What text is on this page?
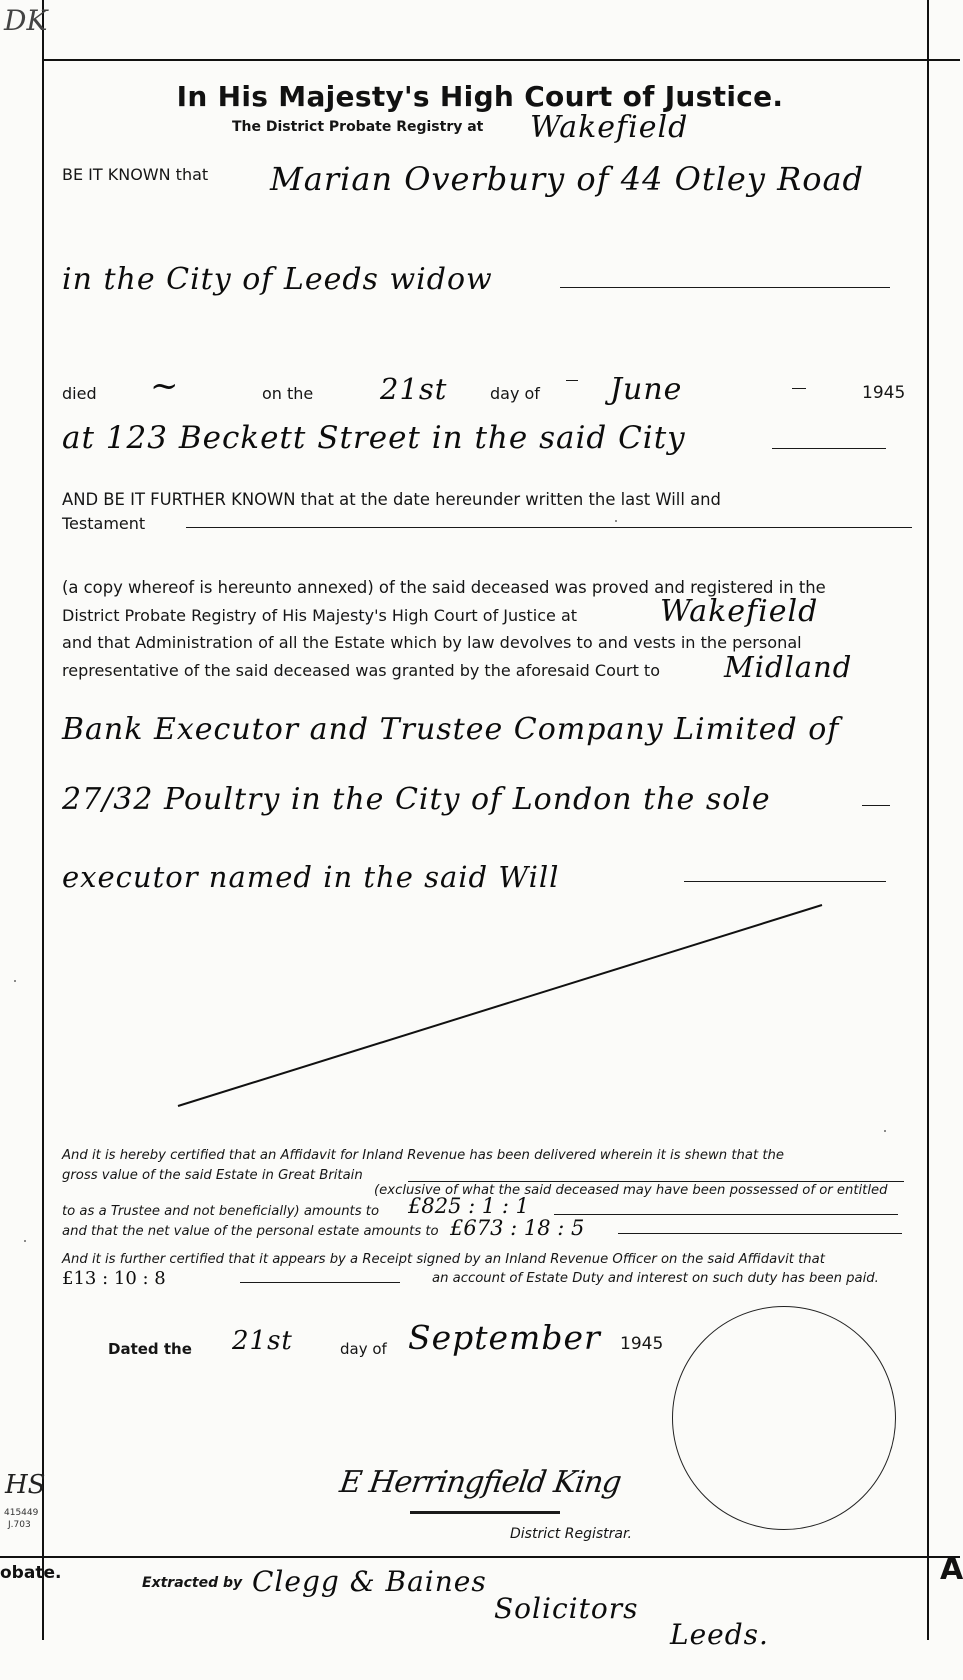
DK
HS
415449
J.703
obate.	A
In His Majesty's High Court of Justice.
The District Probate Registry at Wakefield
BE IT KNOWN that Marian Overbury of 44 Otley Road
in the City of Leeds widow
died ~	on the 21st	day of June	1945
at 123 Beckett Street in the said City
AND BE IT FURTHER KNOWN that at the date hereunder written the last Will and
Testament
(a copy whereof is hereunto annexed) of the said deceased was proved and registered in the
District Probate Registry of His Majesty's High Court of Justice at	Wakefield
and that Administration of all the Estate which by law devolves to and vests in the personal
representative of the said deceased was granted by the aforesaid Court to Midland
Bank Executor and Trustee Company Limited of
27/32 Poultry in the City of London the sole
executor named in the said Will
And it is hereby certified that an Affidavit for Inland Revenue has been delivered wherein it is shewn that the
gross value of the said Estate in Great Britain
(exclusive of what the said deceased may have been possessed of or entitled
to as a Trustee and not beneficially) amounts to £825 : 1 : 1
and that the net value of the personal estate amounts to £673 : 18 : 5
And it is further certified that it appears by a Receipt signed by an Inland Revenue Officer on the said Affidavit that
£13 : 10 : 8	an account of Estate Duty and interest on such duty has been paid.
Dated the 21st	day of September 1945
E Herringfield King
District Registrar.
Extracted by Clegg & Baines
Solicitors
Leeds.
